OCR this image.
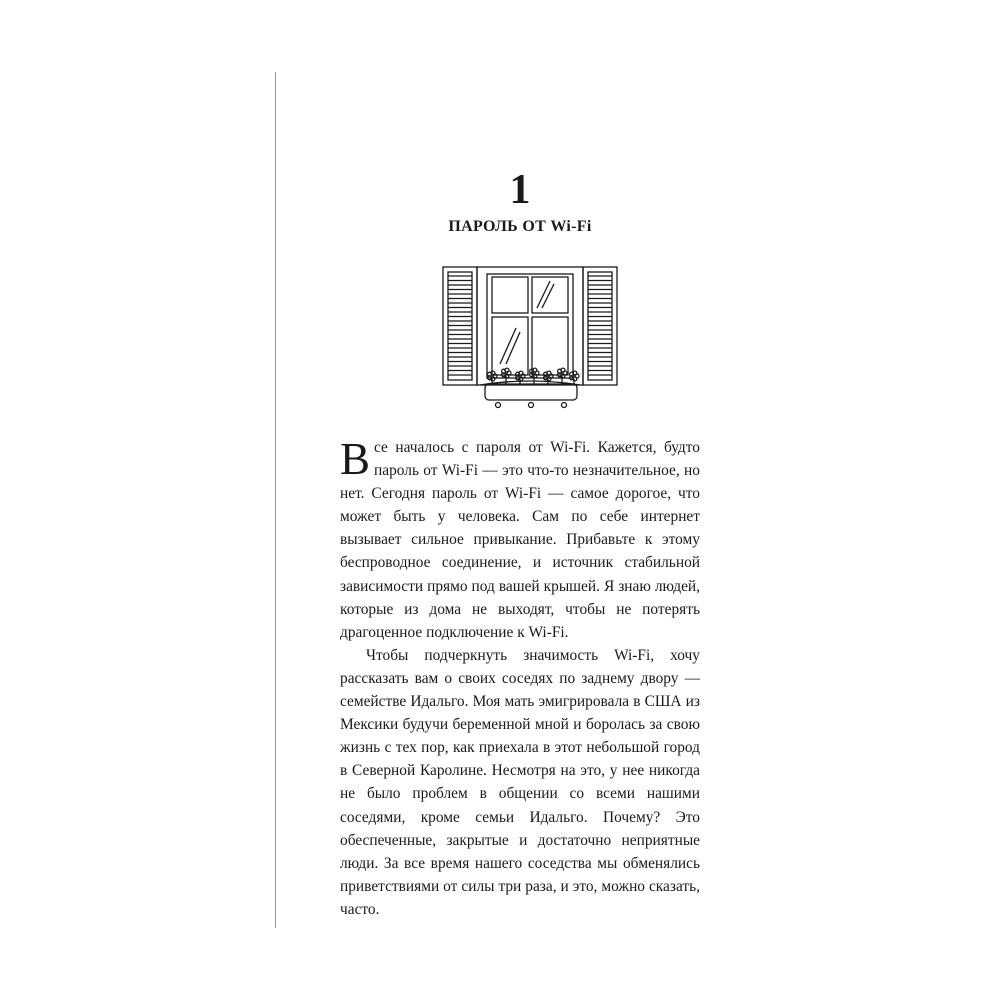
1
ПАРОЛЬ ОТ Wi-Fi

Все началось с пароля от Wi-Fi. Кажется, будто пароль от Wi-Fi — это что-то незначительное, но нет. Сегодня пароль от Wi-Fi — самое дорогое, что может быть у человека. Сам по себе интернет вызывает сильное привыкание. Прибавьте к этому беспроводное соединение, и источник стабильной зависимости прямо под вашей крышей. Я знаю людей, которые из дома не выходят, чтобы не потерять драгоценное подключение к Wi-Fi.

Чтобы подчеркнуть значимость Wi-Fi, хочу рассказать вам о своих соседях по заднему двору — семействе Идальго. Моя мать эмигрировала в США из Мексики будучи беременной мной и боролась за свою жизнь с тех пор, как приехала в этот небольшой город в Северной Каролине. Несмотря на это, у нее никогда не было проблем в общении со всеми нашими соседями, кроме семьи Идальго. Почему? Это обеспеченные, закрытые и достаточно неприятные люди. За все время нашего соседства мы обменялись приветствиями от силы три раза, и это, можно сказать, часто.
